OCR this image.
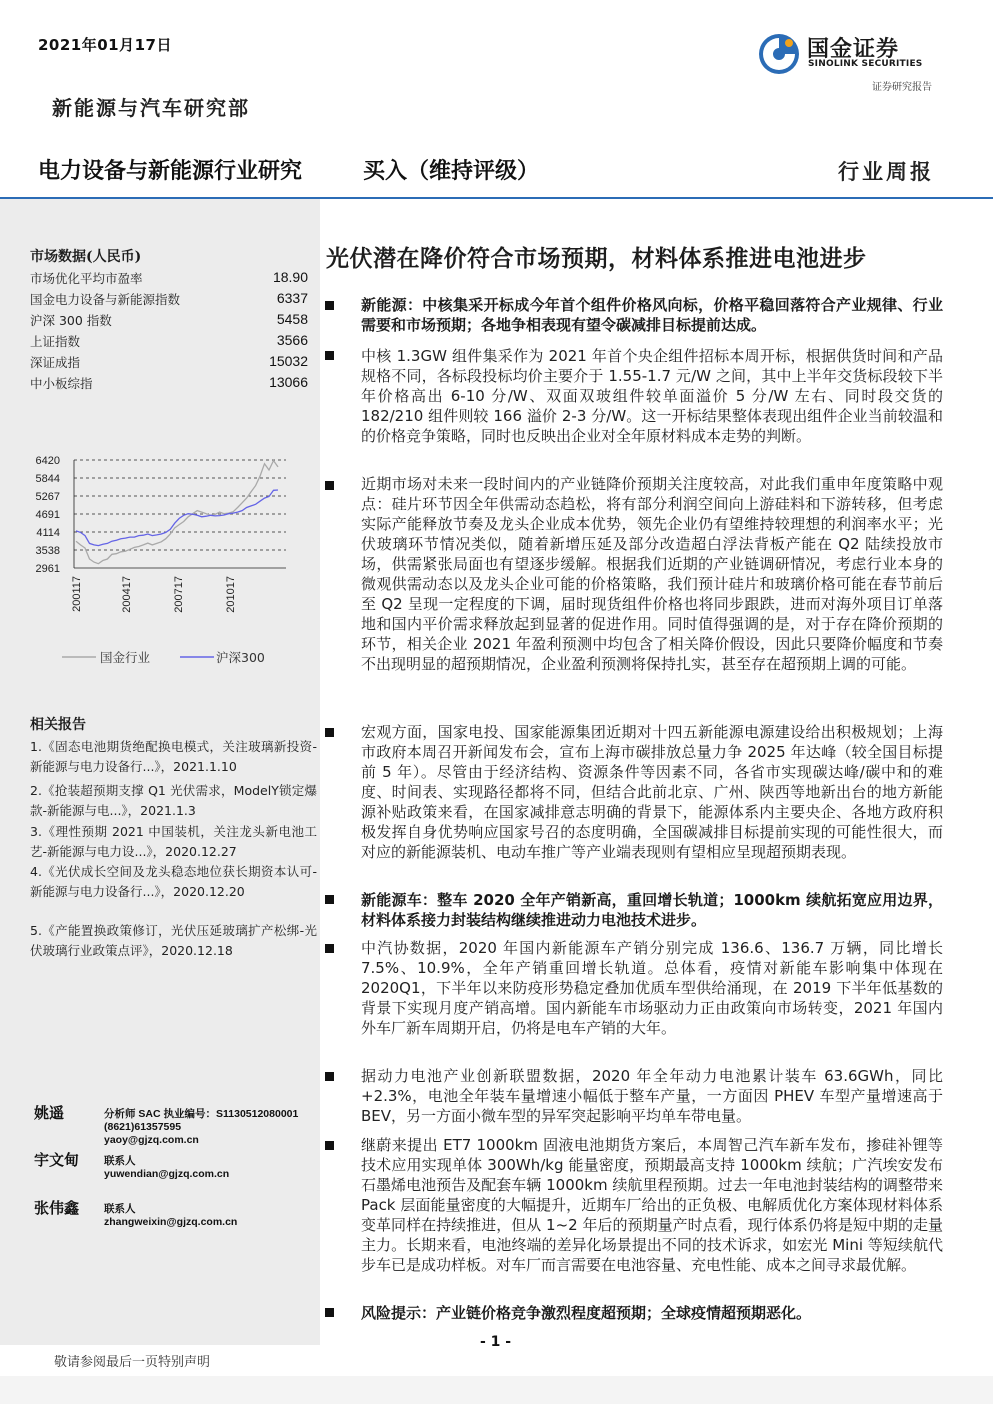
2021年01月17日
新能源与汽车研究部
国金证券
SINOLINK SECURITIES
证券研究报告
电力设备与新能源行业研究	买入（维持评级）	行业周报
市场数据(人民币)
市场优化平均市盈率	18.90
国金电力设备与新能源指数	6337
沪深 300 指数	5458
上证指数	3566
深证成指	15032
中小板综指	13066
6420
5844
5267
4691
4114
3538
2961
200117	200417	200717	201017
国金行业	沪深300
相关报告
1.《固态电池期货绝配换电模式，关注玻璃新投资-新能源与电力设备行...》，2021.1.10
2.《抢装超预期支撑 Q1 光伏需求，ModelY锁定爆款-新能源与电...》，2021.1.3
3.《理性预期 2021 中国装机，关注龙头新电池工艺-新能源与电力设...》，2020.12.27
4.《光伏成长空间及龙头稳态地位获长期资本认可-新能源与电力设备行...》，2020.12.20
5.《产能置换政策修订，光伏压延玻璃扩产松绑-光伏玻璃行业政策点评》，2020.12.18
姚遥	分析师 SAC 执业编号：S1130512080001
(8621)61357595
yaoy@gjzq.com.cn
宇文甸 联系人
yuwendian@gjzq.com.cn
张伟鑫 联系人
zhangweixin@gjzq.com.cn
光伏潜在降价符合市场预期，材料体系推进电池进步
新能源：中核集采开标成今年首个组件价格风向标，价格平稳回落符合产业规律、行业需要和市场预期；各地争相表现有望令碳减排目标提前达成。
中核 1.3GW 组件集采作为 2021 年首个央企组件招标本周开标，根据供货时间和产品规格不同，各标段投标均价主要介于 1.55-1.7 元/W 之间，其中上半年交货标段较下半年价格高出 6-10 分/W、双面双玻组件较单面溢价 5 分/W 左右、同时段交货的 182/210 组件则较 166 溢价 2-3 分/W。这一开标结果整体表现出组件企业当前较温和的价格竞争策略，同时也反映出企业对全年原材料成本走势的判断。
近期市场对未来一段时间内的产业链降价预期关注度较高，对此我们重申年度策略中观点：硅片环节因全年供需动态趋松，将有部分利润空间向上游硅料和下游转移，但考虑实际产能释放节奏及龙头企业成本优势，领先企业仍有望维持较理想的利润率水平；光伏玻璃环节情况类似，随着新增压延及部分改造超白浮法背板产能在 Q2 陆续投放市场，供需紧张局面也有望逐步缓解。根据我们近期的产业链调研情况，考虑行业本身的微观供需动态以及龙头企业可能的价格策略，我们预计硅片和玻璃价格可能在春节前后至 Q2 呈现一定程度的下调，届时现货组件价格也将同步跟跌，进而对海外项目订单落地和国内平价需求释放起到显著的促进作用。同时值得强调的是，对于存在降价预期的环节，相关企业 2021 年盈利预测中均包含了相关降价假设，因此只要降价幅度和节奏不出现明显的超预期情况，企业盈利预测将保持扎实，甚至存在超预期上调的可能。
宏观方面，国家电投、国家能源集团近期对十四五新能源电源建设给出积极规划；上海市政府本周召开新闻发布会，宣布上海市碳排放总量力争 2025 年达峰（较全国目标提前 5 年）。尽管由于经济结构、资源条件等因素不同，各省市实现碳达峰/碳中和的难度、时间表、实现路径都将不同，但结合此前北京、广州、陕西等地新出台的地方新能源补贴政策来看，在国家减排意志明确的背景下，能源体系内主要央企、各地方政府积极发挥自身优势响应国家号召的态度明确，全国碳减排目标提前实现的可能性很大，而对应的新能源装机、电动车推广等产业端表现则有望相应呈现超预期表现。
新能源车：整车 2020 全年产销新高，重回增长轨道；1000km 续航拓宽应用边界，材料体系接力封装结构继续推进动力电池技术进步。
中汽协数据，2020 年国内新能源车产销分别完成 136.6、136.7 万辆，同比增长 7.5%、10.9%，全年产销重回增长轨道。总体看，疫情对新能车影响集中体现在 2020Q1，下半年以来防疫形势稳定叠加优质车型供给涌现，在 2019 下半年低基数的背景下实现月度产销高增。国内新能车市场驱动力正由政策向市场转变，2021 年国内外车厂新车周期开启，仍将是电车产销的大年。
据动力电池产业创新联盟数据，2020 年全年动力电池累计装车 63.6GWh，同比+2.3%，电池全年装车量增速小幅低于整车产量，一方面因 PHEV 车型产量增速高于 BEV，另一方面小微车型的异军突起影响平均单车带电量。
继蔚来提出 ET7 1000km 固液电池期货方案后，本周智己汽车新车发布，掺硅补锂等技术应用实现单体 300Wh/kg 能量密度，预期最高支持 1000km 续航；广汽埃安发布石墨烯电池预告及配套车辆 1000km 续航里程预期。过去一年电池封装结构的调整带来 Pack 层面能量密度的大幅提升，近期车厂给出的正负极、电解质优化方案体现材料体系变革同样在持续推进，但从 1~2 年后的预期量产时点看，现行体系仍将是短中期的走量主力。长期来看，电池终端的差异化场景提出不同的技术诉求，如宏光 Mini 等短续航代步车已是成功样板。对车厂而言需要在电池容量、充电性能、成本之间寻求最优解。
风险提示：产业链价格竞争激烈程度超预期；全球疫情超预期恶化。
- 1 -
敬请参阅最后一页特别声明
